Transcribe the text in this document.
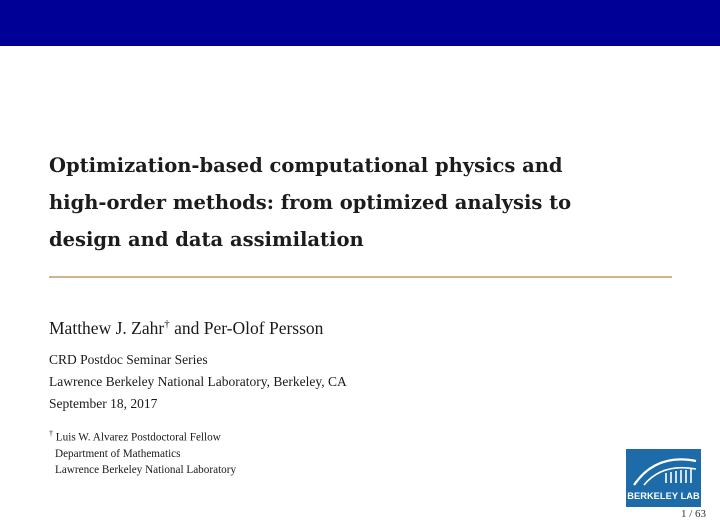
Optimization-based computational physics and
high-order methods: from optimized analysis to
design and data assimilation
Matthew J. Zahr† and Per-Olof Persson
CRD Postdoc Seminar Series
Lawrence Berkeley National Laboratory, Berkeley, CA
September 18, 2017
† Luis W. Alvarez Postdoctoral Fellow
Department of Mathematics
Lawrence Berkeley National Laboratory
BERKELEY LAB
1 / 63
